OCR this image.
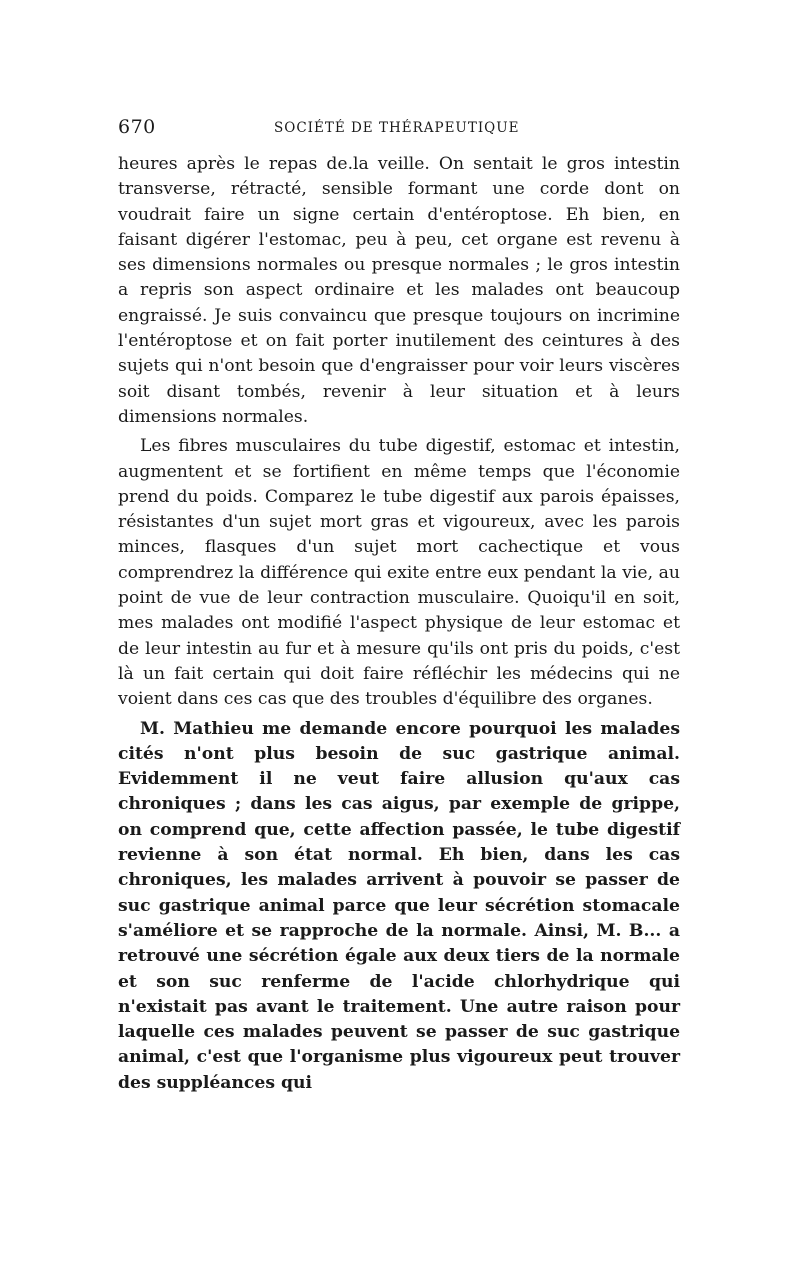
670	SOCIÉTÉ DE THÉRAPEUTIQUE

heures après le repas de.la veille. On sentait le gros intestin transverse, rétracté, sensible formant une corde dont on voudrait faire un signe certain d'entéroptose. Eh bien, en faisant digérer l'estomac, peu à peu, cet organe est revenu à ses dimensions normales ou presque normales ; le gros intestin a repris son aspect ordinaire et les malades ont beaucoup engraissé. Je suis convaincu que presque toujours on incrimine l'entéroptose et on fait porter inutilement des ceintures à des sujets qui n'ont besoin que d'engraisser pour voir leurs viscères soit disant tombés, revenir à leur situation et à leurs dimensions normales.

Les fibres musculaires du tube digestif, estomac et intestin, augmentent et se fortifient en même temps que l'économie prend du poids. Comparez le tube digestif aux parois épaisses, résistantes d'un sujet mort gras et vigoureux, avec les parois minces, flasques d'un sujet mort cachectique et vous comprendrez la différence qui exite entre eux pendant la vie, au point de vue de leur contraction musculaire. Quoiqu'il en soit, mes malades ont modifié l'aspect physique de leur estomac et de leur intestin au fur et à mesure qu'ils ont pris du poids, c'est là un fait certain qui doit faire réfléchir les médecins qui ne voient dans ces cas que des troubles d'équilibre des organes.

M. Mathieu me demande encore pourquoi les malades cités n'ont plus besoin de suc gastrique animal. Evidemment il ne veut faire allusion qu'aux cas chroniques ; dans les cas aigus, par exemple de grippe, on comprend que, cette affection passée, le tube digestif revienne à son état normal. Eh bien, dans les cas chroniques, les malades arrivent à pouvoir se passer de suc gastrique animal parce que leur sécrétion stomacale s'améliore et se rapproche de la normale. Ainsi, M. B... a retrouvé une sécrétion égale aux deux tiers de la normale et son suc renferme de l'acide chlorhydrique qui n'existait pas avant le traitement. Une autre raison pour laquelle ces malades peuvent se passer de suc gastrique animal, c'est que l'organisme plus vigoureux peut trouver des suppléances qui
